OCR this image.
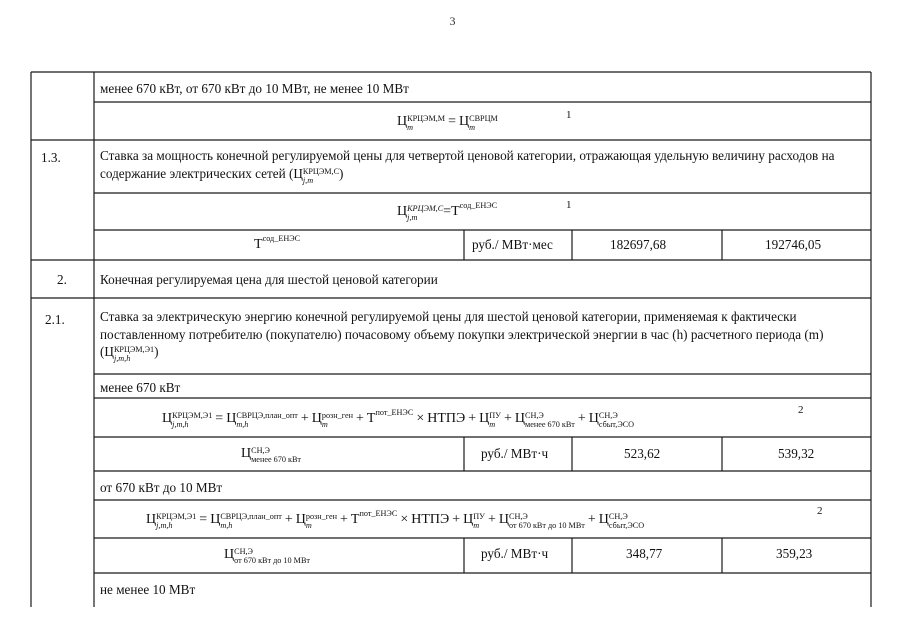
3
менее 670 кВт, от 670 кВт до 10 МВт, не менее 10 МВт
Ц КРЦЭМ,М
m	= Ц СВРЦМ
m
1
1.3.	Ставка за мощность конечной регулируемой цены для четвертой ценовой категории, отражающая удельную величину расходов на содержание электрических сетей (Ц КРЦЭМ,С
j,m	)
Ц КРЦЭМ,С
j,m	$=Т^{сод\_ЕНЭС}$	1
$Т^{сод\_ЕНЭС}$	руб./ МВт·мес	182697,68	192746,05
2.	Конечная регулируемая цена для шестой ценовой категории
2.1.	Ставка за электрическую энергию конечной регулируемой цены для шестой ценовой категории, применяемая к фактически поставленному потребителю (покупателю) почасовому объему покупки электрической энергии в час (h) расчетного периода (m) (Ц КРЦЭМ,Э1
j,m,h	)
менее 670 кВт
Ц КРЦЭМ,Э1
j,m,h	= Ц СВРЦЭ,план_опт
m,h	+ Ц розн_ген
m	+ $Т^{пот\_ЕНЭС}$ × НТПЭ + Ц ПУ
m + Ц СН,Э
менее 670 кВт + Ц СН,Э
сбыт,ЭСО
2
Ц СН,Э
менее 670 кВт	руб./ МВт·ч	523,62	539,32
от 670 кВт до 10 МВт
Ц КРЦЭМ,Э1
j,m,h	= Ц СВРЦЭ,план_опт
m,h	+ Ц розн_ген
m	+ $Т^{пот\_ЕНЭС}$ × НТПЭ + Ц ПУ
m + Ц СН,Э
от 670 кВт до 10 МВт + Ц СН,Э
сбыт,ЭСО
2
Ц СН,Э
от 670 кВт до 10 МВт	руб./ МВт·ч	348,77	359,23
не менее 10 МВт
